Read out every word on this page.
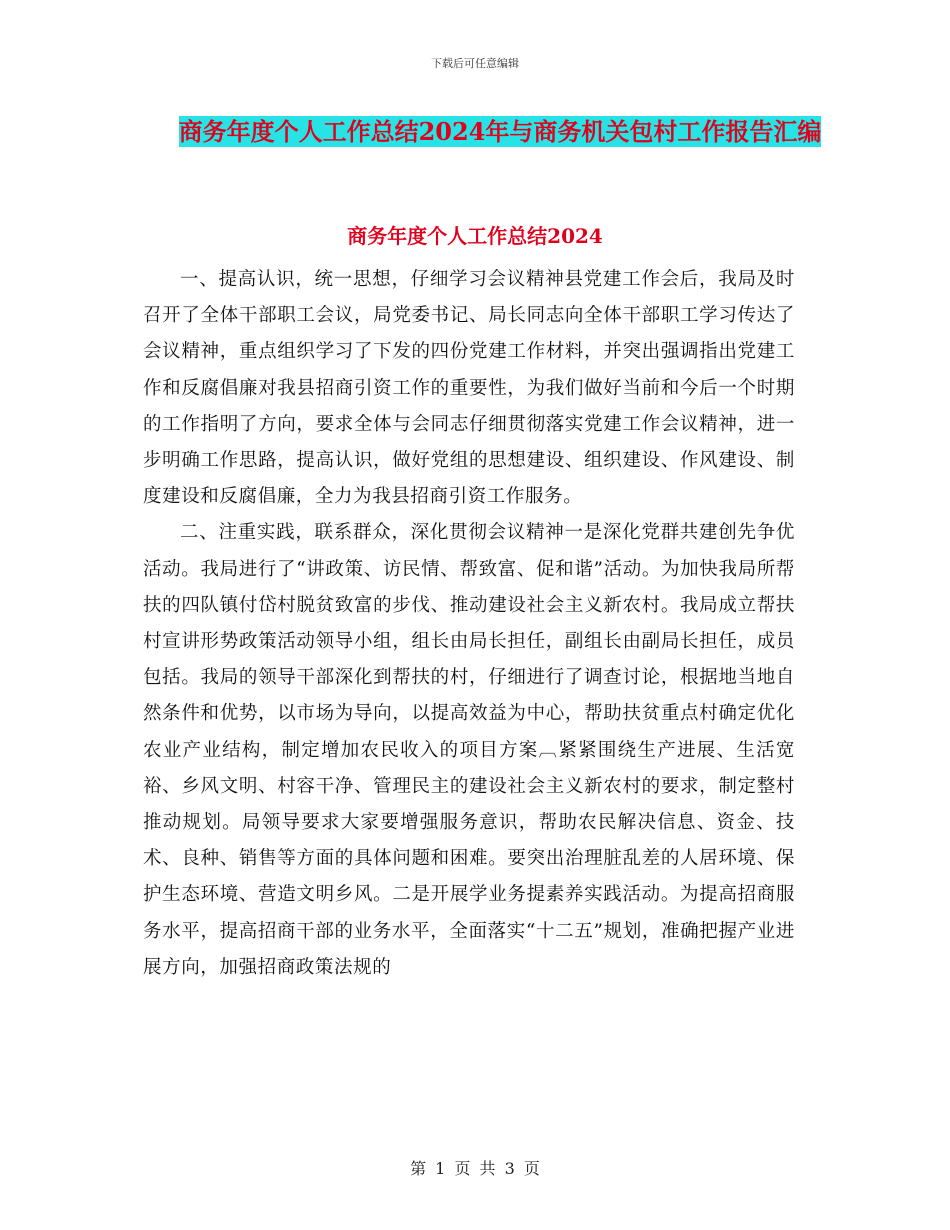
下载后可任意编辑
商务年度个人工作总结2024年与商务机关包村工作报告汇编
商务年度个人工作总结2024

一、提高认识，统一思想，仔细学习会议精神县党建工作会后，我局及时召开了全体干部职工会议，局党委书记、局长同志向全体干部职工学习传达了会议精神，重点组织学习了下发的四份党建工作材料，并突出强调指出党建工作和反腐倡廉对我县招商引资工作的重要性，为我们做好当前和今后一个时期的工作指明了方向，要求全体与会同志仔细贯彻落实党建工作会议精神，进一步明确工作思路，提高认识，做好党组的思想建设、组织建设、作风建设、制度建设和反腐倡廉，全力为我县招商引资工作服务。

二、注重实践，联系群众，深化贯彻会议精神一是深化党群共建创先争优活动。我局进行了“讲政策、访民情、帮致富、促和谐”活动。为加快我局所帮扶的四队镇付岱村脱贫致富的步伐、推动建设社会主义新农村。我局成立帮扶村宣讲形势政策活动领导小组，组长由局长担任，副组长由副局长担任，成员包括。我局的领导干部深化到帮扶的村，仔细进行了调查讨论，根据地当地自然条件和优势，以市场为导向，以提高效益为中心，帮助扶贫重点村确定优化农业产业结构，制定增加农民收入的项目方案︹紧紧围绕生产进展、生活宽裕、乡风文明、村容干净、管理民主的建设社会主义新农村的要求，制定整村推动规划。局领导要求大家要增强服务意识，帮助农民解决信息、资金、技术、良种、销售等方面的具体问题和困难。要突出治理脏乱差的人居环境、保护生态环境、营造文明乡风。二是开展学业务提素养实践活动。为提高招商服务水平，提高招商干部的业务水平，全面落实“十二五”规划，准确把握产业进展方向，加强招商政策法规的

第 1 页 共 3 页
